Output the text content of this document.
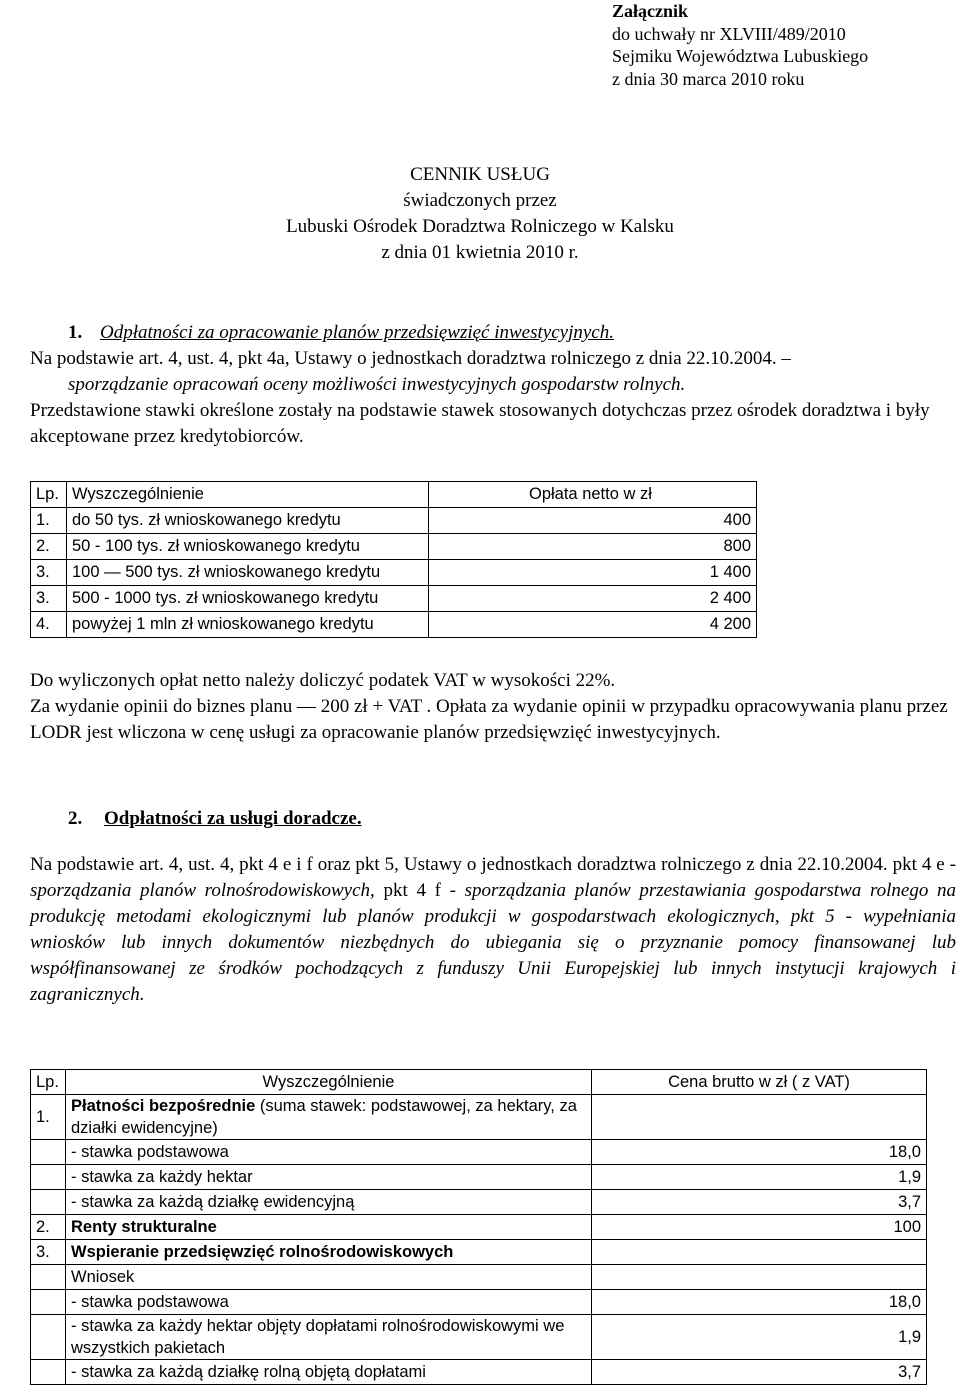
Załącznik
do uchwały nr XLVIII/489/2010
Sejmiku Województwa Lubuskiego
z dnia 30 marca 2010 roku
CENNIK USŁUG
świadczonych przez
Lubuski Ośrodek Doradztwa Rolniczego w Kalsku
z dnia 01 kwietnia 2010 r.
1. Odpłatności za opracowanie planów przedsięwzięć inwestycyjnych.
Na podstawie art. 4, ust. 4, pkt 4a, Ustawy o jednostkach doradztwa rolniczego z dnia 22.10.2004. –
sporządzanie opracowań oceny możliwości inwestycyjnych gospodarstw rolnych.
Przedstawione stawki określone zostały na podstawie stawek stosowanych dotychczas przez ośrodek doradztwa i były akceptowane przez kredytobiorców.
Lp.	Wyszczególnienie	Opłata netto w zł
1.	do 50 tys. zł wnioskowanego kredytu	400
2.	50 - 100 tys. zł wnioskowanego kredytu	800
3.	100 — 500 tys. zł wnioskowanego kredytu	1 400
3.	500 - 1000 tys. zł wnioskowanego kredytu	2 400
4.	powyżej 1 mln zł wnioskowanego kredytu	4 200
Do wyliczonych opłat netto należy doliczyć podatek VAT w wysokości 22%.
Za wydanie opinii do biznes planu — 200 zł + VAT . Opłata za wydanie opinii w przypadku opracowywania planu przez LODR jest wliczona w cenę usługi za opracowanie planów przedsięwzięć inwestycyjnych.
2. Odpłatności za usługi doradcze.
Na podstawie art. 4, ust. 4, pkt 4 e i f oraz pkt 5, Ustawy o jednostkach doradztwa rolniczego z dnia 22.10.2004. pkt 4 e - sporządzania planów rolnośrodowiskowych, pkt 4 f - sporządzania planów przestawiania gospodarstwa rolnego na produkcję metodami ekologicznymi lub planów produkcji w gospodarstwach ekologicznych, pkt 5 - wypełniania wniosków lub innych dokumentów niezbędnych do ubiegania się o przyznanie pomocy finansowanej lub współfinansowanej ze środków pochodzących z funduszy Unii Europejskiej lub innych instytucji krajowych i zagranicznych.
Lp.	Wyszczególnienie	Cena brutto w zł ( z VAT)
1.	Płatności bezpośrednie (suma stawek: podstawowej, za hektary, za działki ewidencyjne)	
	- stawka podstawowa	18,0
	- stawka za każdy hektar	1,9
	- stawka za każdą działkę ewidencyjną	3,7
2.	Renty strukturalne	100
3.	Wspieranie przedsięwzięć rolnośrodowiskowych	
	Wniosek	
	- stawka podstawowa	18,0
	- stawka za każdy hektar objęty dopłatami rolnośrodowiskowymi we wszystkich pakietach	1,9
	- stawka za każdą działkę rolną objętą dopłatami	3,7
